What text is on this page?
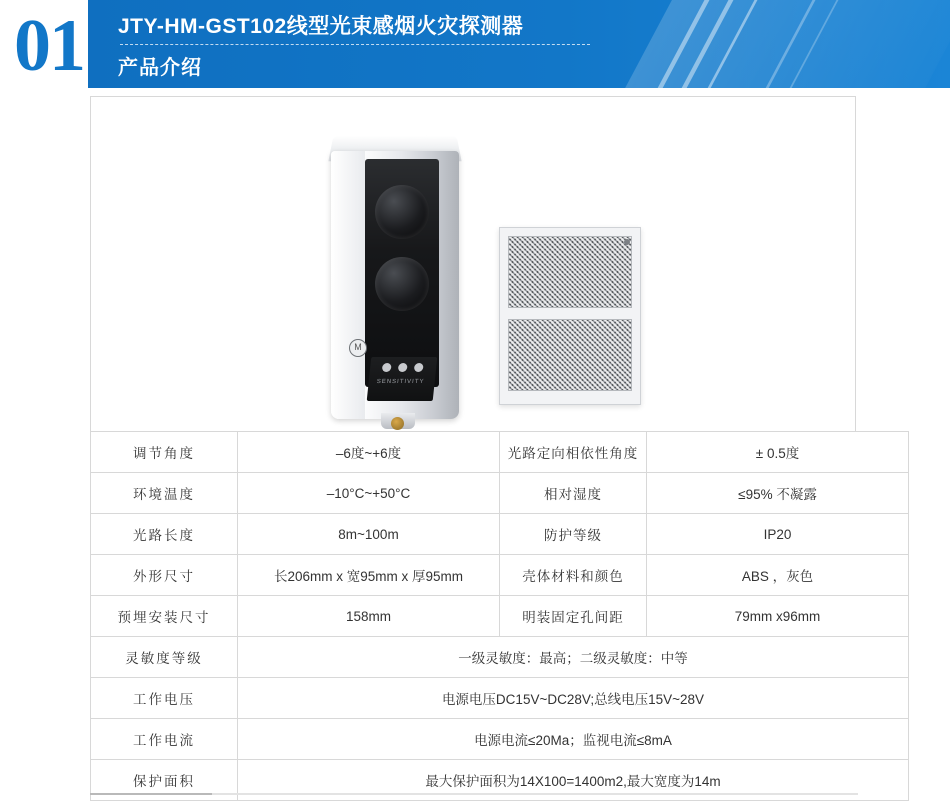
01 JTY-HM-GST102线型光束感烟火灾探测器
产品介绍
M
SENSITIVITY
调节角度	–6度~+6度	光路定向相依性角度	± 0.5度
环境温度	–10°C~+50°C	相对湿度	≤95% 不凝露
光路长度	8m~100m	防护等级	IP20
外形尺寸	长206mm x 宽95mm x 厚95mm	壳体材料和颜色	ABS ，灰色
预埋安装尺寸	158mm	明装固定孔间距	79mm x96mm
灵敏度等级	一级灵敏度：最高；二级灵敏度：中等		
工作电压	电源电压DC15V~DC28V;总线电压15V~28V		
工作电流	电源电流≤20Ma；监视电流≤8mA		
保护面积	最大保护面积为14X100=1400m2,最大宽度为14m		
